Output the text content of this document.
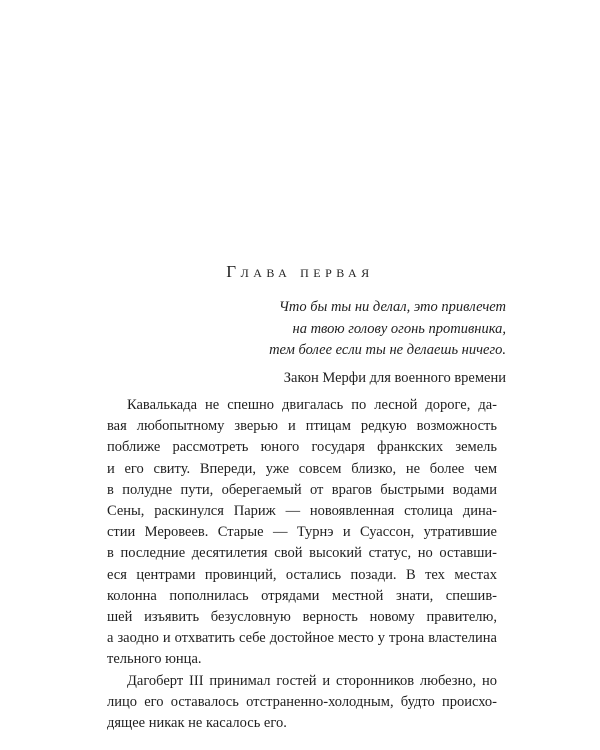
Глава первая
Что бы ты ни делал, это привлечет
на твою голову огонь противника,
тем более если ты не делаешь ничего.
Закон Мерфи для военного времени
Кавалькада не спешно двигалась по лесной дороге, да-
вая любопытному зверью и птицам редкую возможность
поближе рассмотреть юного государя франкских земель
и его свиту. Впереди, уже совсем близко, не более чем
в полудне пути, оберегаемый от врагов быстрыми водами
Сены, раскинулся Париж — новоявленная столица дина-
стии Меровеев. Старые — Турнэ и Суассон, утратившие
в последние десятилетия свой высокий статус, но оставши-
еся центрами провинций, остались позади. В тех местах
колонна пополнилась отрядами местной знати, спешив-
шей изъявить безусловную верность новому правителю,
а заодно и отхватить себе достойное место у трона властелина
тельного юнца.
Дагоберт III принимал гостей и сторонников любезно, но
лицо его оставалось отстраненно-холодным, будто происхо-
дящее никак не касалось его.
